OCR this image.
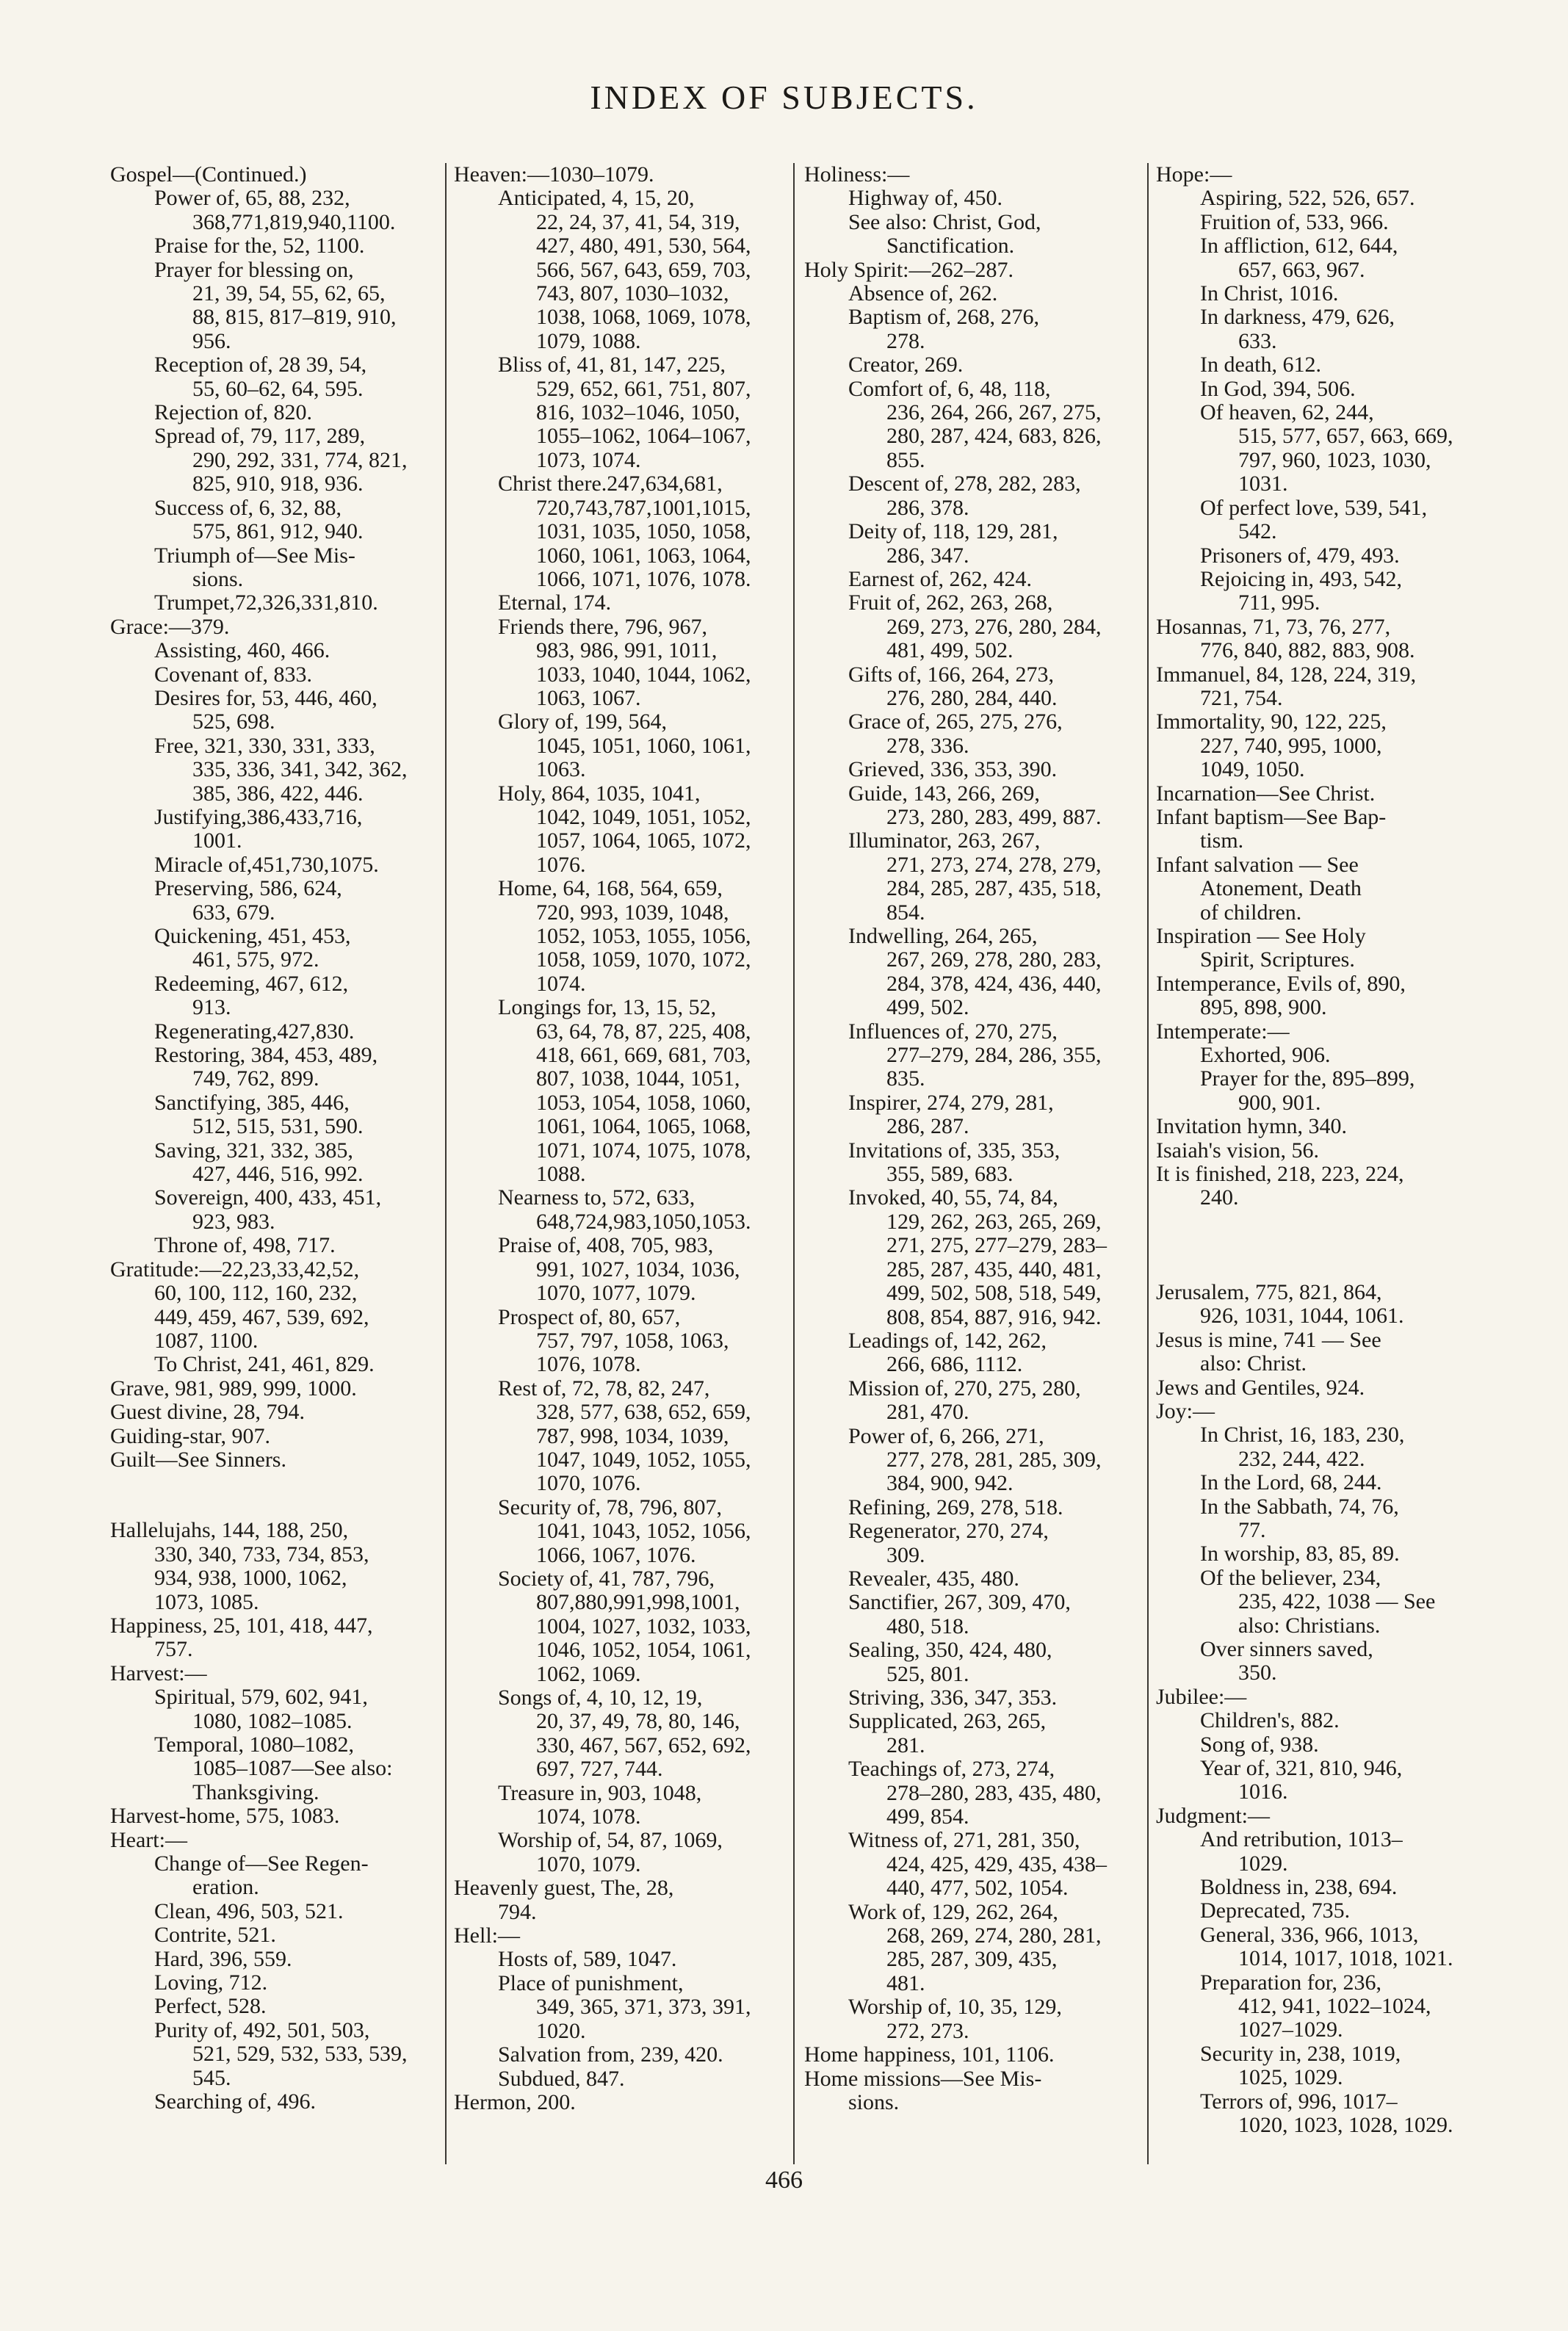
INDEX OF SUBJECTS.
Gospel—(Continued.)
Power of, 65, 88, 232,
368,771,819,940,1100.
Praise for the, 52, 1100.
Prayer for blessing on,
21, 39, 54, 55, 62, 65,
88, 815, 817–819, 910,
956.
Reception of, 28 39, 54,
55, 60–62, 64, 595.
Rejection of, 820.
Spread of, 79, 117, 289,
290, 292, 331, 774, 821,
825, 910, 918, 936.
Success of, 6, 32, 88,
575, 861, 912, 940.
Triumph of—See Mis-
sions.
Trumpet,72,326,331,810.
Grace:—379.
Assisting, 460, 466.
Covenant of, 833.
Desires for, 53, 446, 460,
525, 698.
Free, 321, 330, 331, 333,
335, 336, 341, 342, 362,
385, 386, 422, 446.
Justifying,386,433,716,
1001.
Miracle of,451,730,1075.
Preserving, 586, 624,
633, 679.
Quickening, 451, 453,
461, 575, 972.
Redeeming, 467, 612,
913.
Regenerating,427,830.
Restoring, 384, 453, 489,
749, 762, 899.
Sanctifying, 385, 446,
512, 515, 531, 590.
Saving, 321, 332, 385,
427, 446, 516, 992.
Sovereign, 400, 433, 451,
923, 983.
Throne of, 498, 717.
Gratitude:—22,23,33,42,52,
60, 100, 112, 160, 232,
449, 459, 467, 539, 692,
1087, 1100.
To Christ, 241, 461, 829.
Grave, 981, 989, 999, 1000.
Guest divine, 28, 794.
Guiding-star, 907.
Guilt—See Sinners.
Hallelujahs, 144, 188, 250,
330, 340, 733, 734, 853,
934, 938, 1000, 1062,
1073, 1085.
Happiness, 25, 101, 418, 447,
757.
Harvest:—
Spiritual, 579, 602, 941,
1080, 1082–1085.
Temporal, 1080–1082,
1085–1087—See also:
Thanksgiving.
Harvest-home, 575, 1083.
Heart:—
Change of—See Regen-
eration.
Clean, 496, 503, 521.
Contrite, 521.
Hard, 396, 559.
Loving, 712.
Perfect, 528.
Purity of, 492, 501, 503,
521, 529, 532, 533, 539,
545.
Searching of, 496.
Heaven:—1030–1079.
Anticipated, 4, 15, 20,
22, 24, 37, 41, 54, 319,
427, 480, 491, 530, 564,
566, 567, 643, 659, 703,
743, 807, 1030–1032,
1038, 1068, 1069, 1078,
1079, 1088.
Bliss of, 41, 81, 147, 225,
529, 652, 661, 751, 807,
816, 1032–1046, 1050,
1055–1062, 1064–1067,
1073, 1074.
Christ there.247,634,681,
720,743,787,1001,1015,
1031, 1035, 1050, 1058,
1060, 1061, 1063, 1064,
1066, 1071, 1076, 1078.
Eternal, 174.
Friends there, 796, 967,
983, 986, 991, 1011,
1033, 1040, 1044, 1062,
1063, 1067.
Glory of, 199, 564,
1045, 1051, 1060, 1061,
1063.
Holy, 864, 1035, 1041,
1042, 1049, 1051, 1052,
1057, 1064, 1065, 1072,
1076.
Home, 64, 168, 564, 659,
720, 993, 1039, 1048,
1052, 1053, 1055, 1056,
1058, 1059, 1070, 1072,
1074.
Longings for, 13, 15, 52,
63, 64, 78, 87, 225, 408,
418, 661, 669, 681, 703,
807, 1038, 1044, 1051,
1053, 1054, 1058, 1060,
1061, 1064, 1065, 1068,
1071, 1074, 1075, 1078,
1088.
Nearness to, 572, 633,
648,724,983,1050,1053.
Praise of, 408, 705, 983,
991, 1027, 1034, 1036,
1070, 1077, 1079.
Prospect of, 80, 657,
757, 797, 1058, 1063,
1076, 1078.
Rest of, 72, 78, 82, 247,
328, 577, 638, 652, 659,
787, 998, 1034, 1039,
1047, 1049, 1052, 1055,
1070, 1076.
Security of, 78, 796, 807,
1041, 1043, 1052, 1056,
1066, 1067, 1076.
Society of, 41, 787, 796,
807,880,991,998,1001,
1004, 1027, 1032, 1033,
1046, 1052, 1054, 1061,
1062, 1069.
Songs of, 4, 10, 12, 19,
20, 37, 49, 78, 80, 146,
330, 467, 567, 652, 692,
697, 727, 744.
Treasure in, 903, 1048,
1074, 1078.
Worship of, 54, 87, 1069,
1070, 1079.
Heavenly guest, The, 28,
794.
Hell:—
Hosts of, 589, 1047.
Place of punishment,
349, 365, 371, 373, 391,
1020.
Salvation from, 239, 420.
Subdued, 847.
Hermon, 200.
Holiness:—
Highway of, 450.
See also: Christ, God,
Sanctification.
Holy Spirit:—262–287.
Absence of, 262.
Baptism of, 268, 276,
278.
Creator, 269.
Comfort of, 6, 48, 118,
236, 264, 266, 267, 275,
280, 287, 424, 683, 826,
855.
Descent of, 278, 282, 283,
286, 378.
Deity of, 118, 129, 281,
286, 347.
Earnest of, 262, 424.
Fruit of, 262, 263, 268,
269, 273, 276, 280, 284,
481, 499, 502.
Gifts of, 166, 264, 273,
276, 280, 284, 440.
Grace of, 265, 275, 276,
278, 336.
Grieved, 336, 353, 390.
Guide, 143, 266, 269,
273, 280, 283, 499, 887.
Illuminator, 263, 267,
271, 273, 274, 278, 279,
284, 285, 287, 435, 518,
854.
Indwelling, 264, 265,
267, 269, 278, 280, 283,
284, 378, 424, 436, 440,
499, 502.
Influences of, 270, 275,
277–279, 284, 286, 355,
835.
Inspirer, 274, 279, 281,
286, 287.
Invitations of, 335, 353,
355, 589, 683.
Invoked, 40, 55, 74, 84,
129, 262, 263, 265, 269,
271, 275, 277–279, 283–
285, 287, 435, 440, 481,
499, 502, 508, 518, 549,
808, 854, 887, 916, 942.
Leadings of, 142, 262,
266, 686, 1112.
Mission of, 270, 275, 280,
281, 470.
Power of, 6, 266, 271,
277, 278, 281, 285, 309,
384, 900, 942.
Refining, 269, 278, 518.
Regenerator, 270, 274,
309.
Revealer, 435, 480.
Sanctifier, 267, 309, 470,
480, 518.
Sealing, 350, 424, 480,
525, 801.
Striving, 336, 347, 353.
Supplicated, 263, 265,
281.
Teachings of, 273, 274,
278–280, 283, 435, 480,
499, 854.
Witness of, 271, 281, 350,
424, 425, 429, 435, 438–
440, 477, 502, 1054.
Work of, 129, 262, 264,
268, 269, 274, 280, 281,
285, 287, 309, 435,
481.
Worship of, 10, 35, 129,
272, 273.
Home happiness, 101, 1106.
Home missions—See Mis-
sions.
Hope:—
Aspiring, 522, 526, 657.
Fruition of, 533, 966.
In affliction, 612, 644,
657, 663, 967.
In Christ, 1016.
In darkness, 479, 626,
633.
In death, 612.
In God, 394, 506.
Of heaven, 62, 244,
515, 577, 657, 663, 669,
797, 960, 1023, 1030,
1031.
Of perfect love, 539, 541,
542.
Prisoners of, 479, 493.
Rejoicing in, 493, 542,
711, 995.
Hosannas, 71, 73, 76, 277,
776, 840, 882, 883, 908.
Immanuel, 84, 128, 224, 319,
721, 754.
Immortality, 90, 122, 225,
227, 740, 995, 1000,
1049, 1050.
Incarnation—See Christ.
Infant baptism—See Bap-
tism.
Infant salvation — See
Atonement, Death
of children.
Inspiration — See Holy
Spirit, Scriptures.
Intemperance, Evils of, 890,
895, 898, 900.
Intemperate:—
Exhorted, 906.
Prayer for the, 895–899,
900, 901.
Invitation hymn, 340.
Isaiah's vision, 56.
It is finished, 218, 223, 224,
240.
Jerusalem, 775, 821, 864,
926, 1031, 1044, 1061.
Jesus is mine, 741 — See
also: Christ.
Jews and Gentiles, 924.
Joy:—
In Christ, 16, 183, 230,
232, 244, 422.
In the Lord, 68, 244.
In the Sabbath, 74, 76,
77.
In worship, 83, 85, 89.
Of the believer, 234,
235, 422, 1038 — See
also: Christians.
Over sinners saved,
350.
Jubilee:—
Children's, 882.
Song of, 938.
Year of, 321, 810, 946,
1016.
Judgment:—
And retribution, 1013–
1029.
Boldness in, 238, 694.
Deprecated, 735.
General, 336, 966, 1013,
1014, 1017, 1018, 1021.
Preparation for, 236,
412, 941, 1022–1024,
1027–1029.
Security in, 238, 1019,
1025, 1029.
Terrors of, 996, 1017–
1020, 1023, 1028, 1029.
466
